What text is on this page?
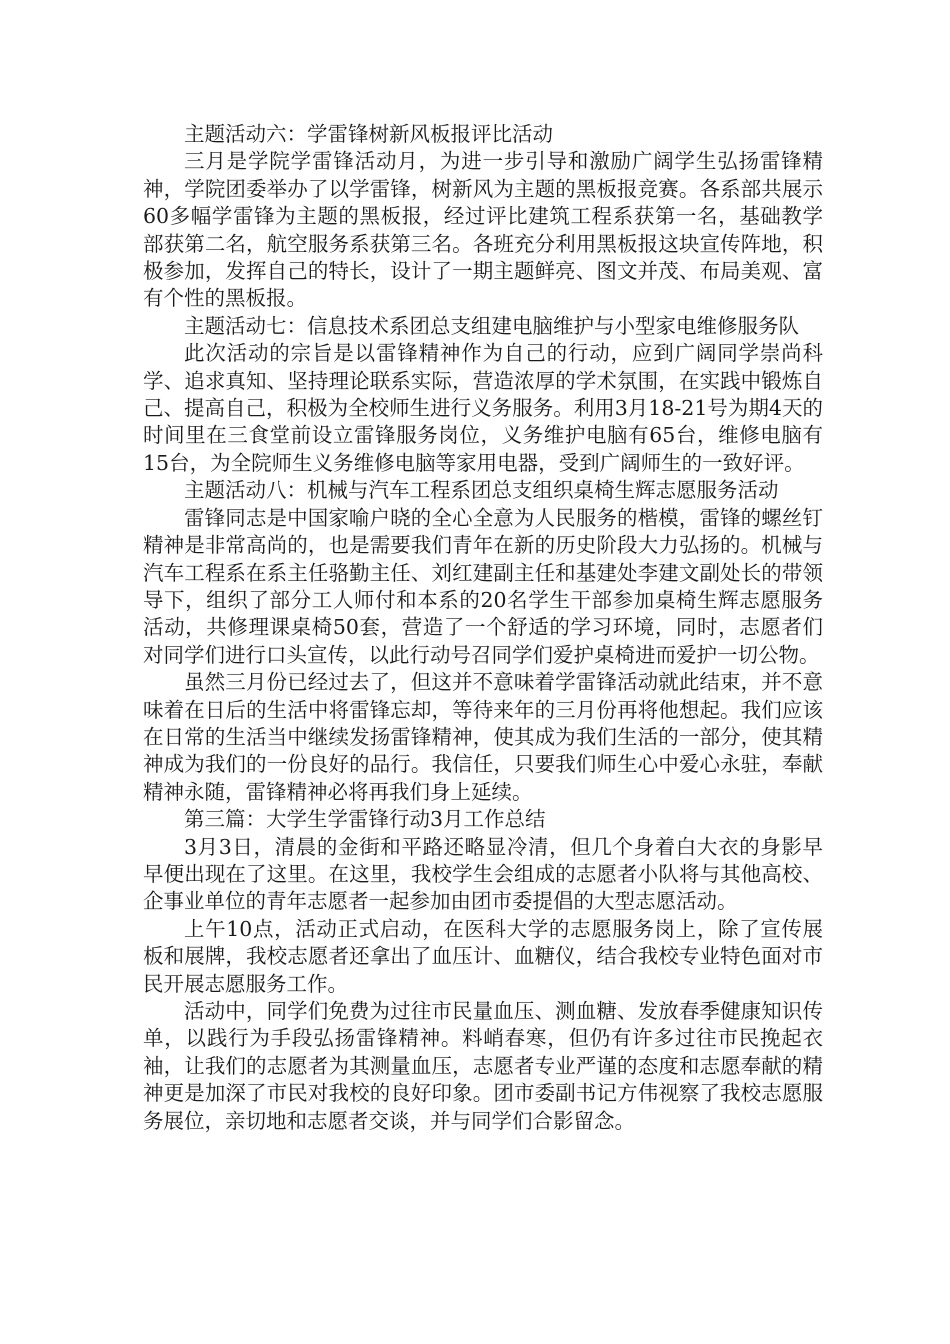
主题活动六：学雷锋树新风板报评比活动

三月是学院学雷锋活动月，为进一步引导和激励广阔学生弘扬雷锋精神，学院团委举办了以学雷锋，树新风为主题的黑板报竞赛。各系部共展示60多幅学雷锋为主题的黑板报，经过评比建筑工程系获第一名，基础教学部获第二名，航空服务系获第三名。各班充分利用黑板报这块宣传阵地，积极参加，发挥自己的特长，设计了一期主题鲜亮、图文并茂、布局美观、富有个性的黑板报。

主题活动七：信息技术系团总支组建电脑维护与小型家电维修服务队

此次活动的宗旨是以雷锋精神作为自己的行动，应到广阔同学崇尚科学、追求真知、坚持理论联系实际，营造浓厚的学术氛围，在实践中锻炼自己、提高自己，积极为全校师生进行义务服务。利用3月18-21号为期4天的时间里在三食堂前设立雷锋服务岗位，义务维护电脑有65台，维修电脑有15台，为全院师生义务维修电脑等家用电器，受到广阔师生的一致好评。

主题活动八：机械与汽车工程系团总支组织桌椅生辉志愿服务活动

雷锋同志是中国家喻户晓的全心全意为人民服务的楷模，雷锋的螺丝钉精神是非常高尚的，也是需要我们青年在新的历史阶段大力弘扬的。机械与汽车工程系在系主任骆勤主任、刘红建副主任和基建处李建文副处长的带领导下，组织了部分工人师付和本系的20名学生干部参加桌椅生辉志愿服务活动，共修理课桌椅50套，营造了一个舒适的学习环境，同时，志愿者们对同学们进行口头宣传，以此行动号召同学们爱护桌椅进而爱护一切公物。

虽然三月份已经过去了，但这并不意味着学雷锋活动就此结束，并不意味着在日后的生活中将雷锋忘却，等待来年的三月份再将他想起。我们应该在日常的生活当中继续发扬雷锋精神，使其成为我们生活的一部分，使其精神成为我们的一份良好的品行。我信任，只要我们师生心中爱心永驻，奉献精神永随，雷锋精神必将再我们身上延续。

第三篇：大学生学雷锋行动3月工作总结

3月3日，清晨的金街和平路还略显冷清，但几个身着白大衣的身影早早便出现在了这里。在这里，我校学生会组成的志愿者小队将与其他高校、企事业单位的青年志愿者一起参加由团市委提倡的大型志愿活动。

上午10点，活动正式启动，在医科大学的志愿服务岗上，除了宣传展板和展牌，我校志愿者还拿出了血压计、血糖仪，结合我校专业特色面对市民开展志愿服务工作。

活动中，同学们免费为过往市民量血压、测血糖、发放春季健康知识传单，以践行为手段弘扬雷锋精神。料峭春寒，但仍有许多过往市民挽起衣袖，让我们的志愿者为其测量血压，志愿者专业严谨的态度和志愿奉献的精神更是加深了市民对我校的良好印象。团市委副书记方伟视察了我校志愿服务展位，亲切地和志愿者交谈，并与同学们合影留念。
